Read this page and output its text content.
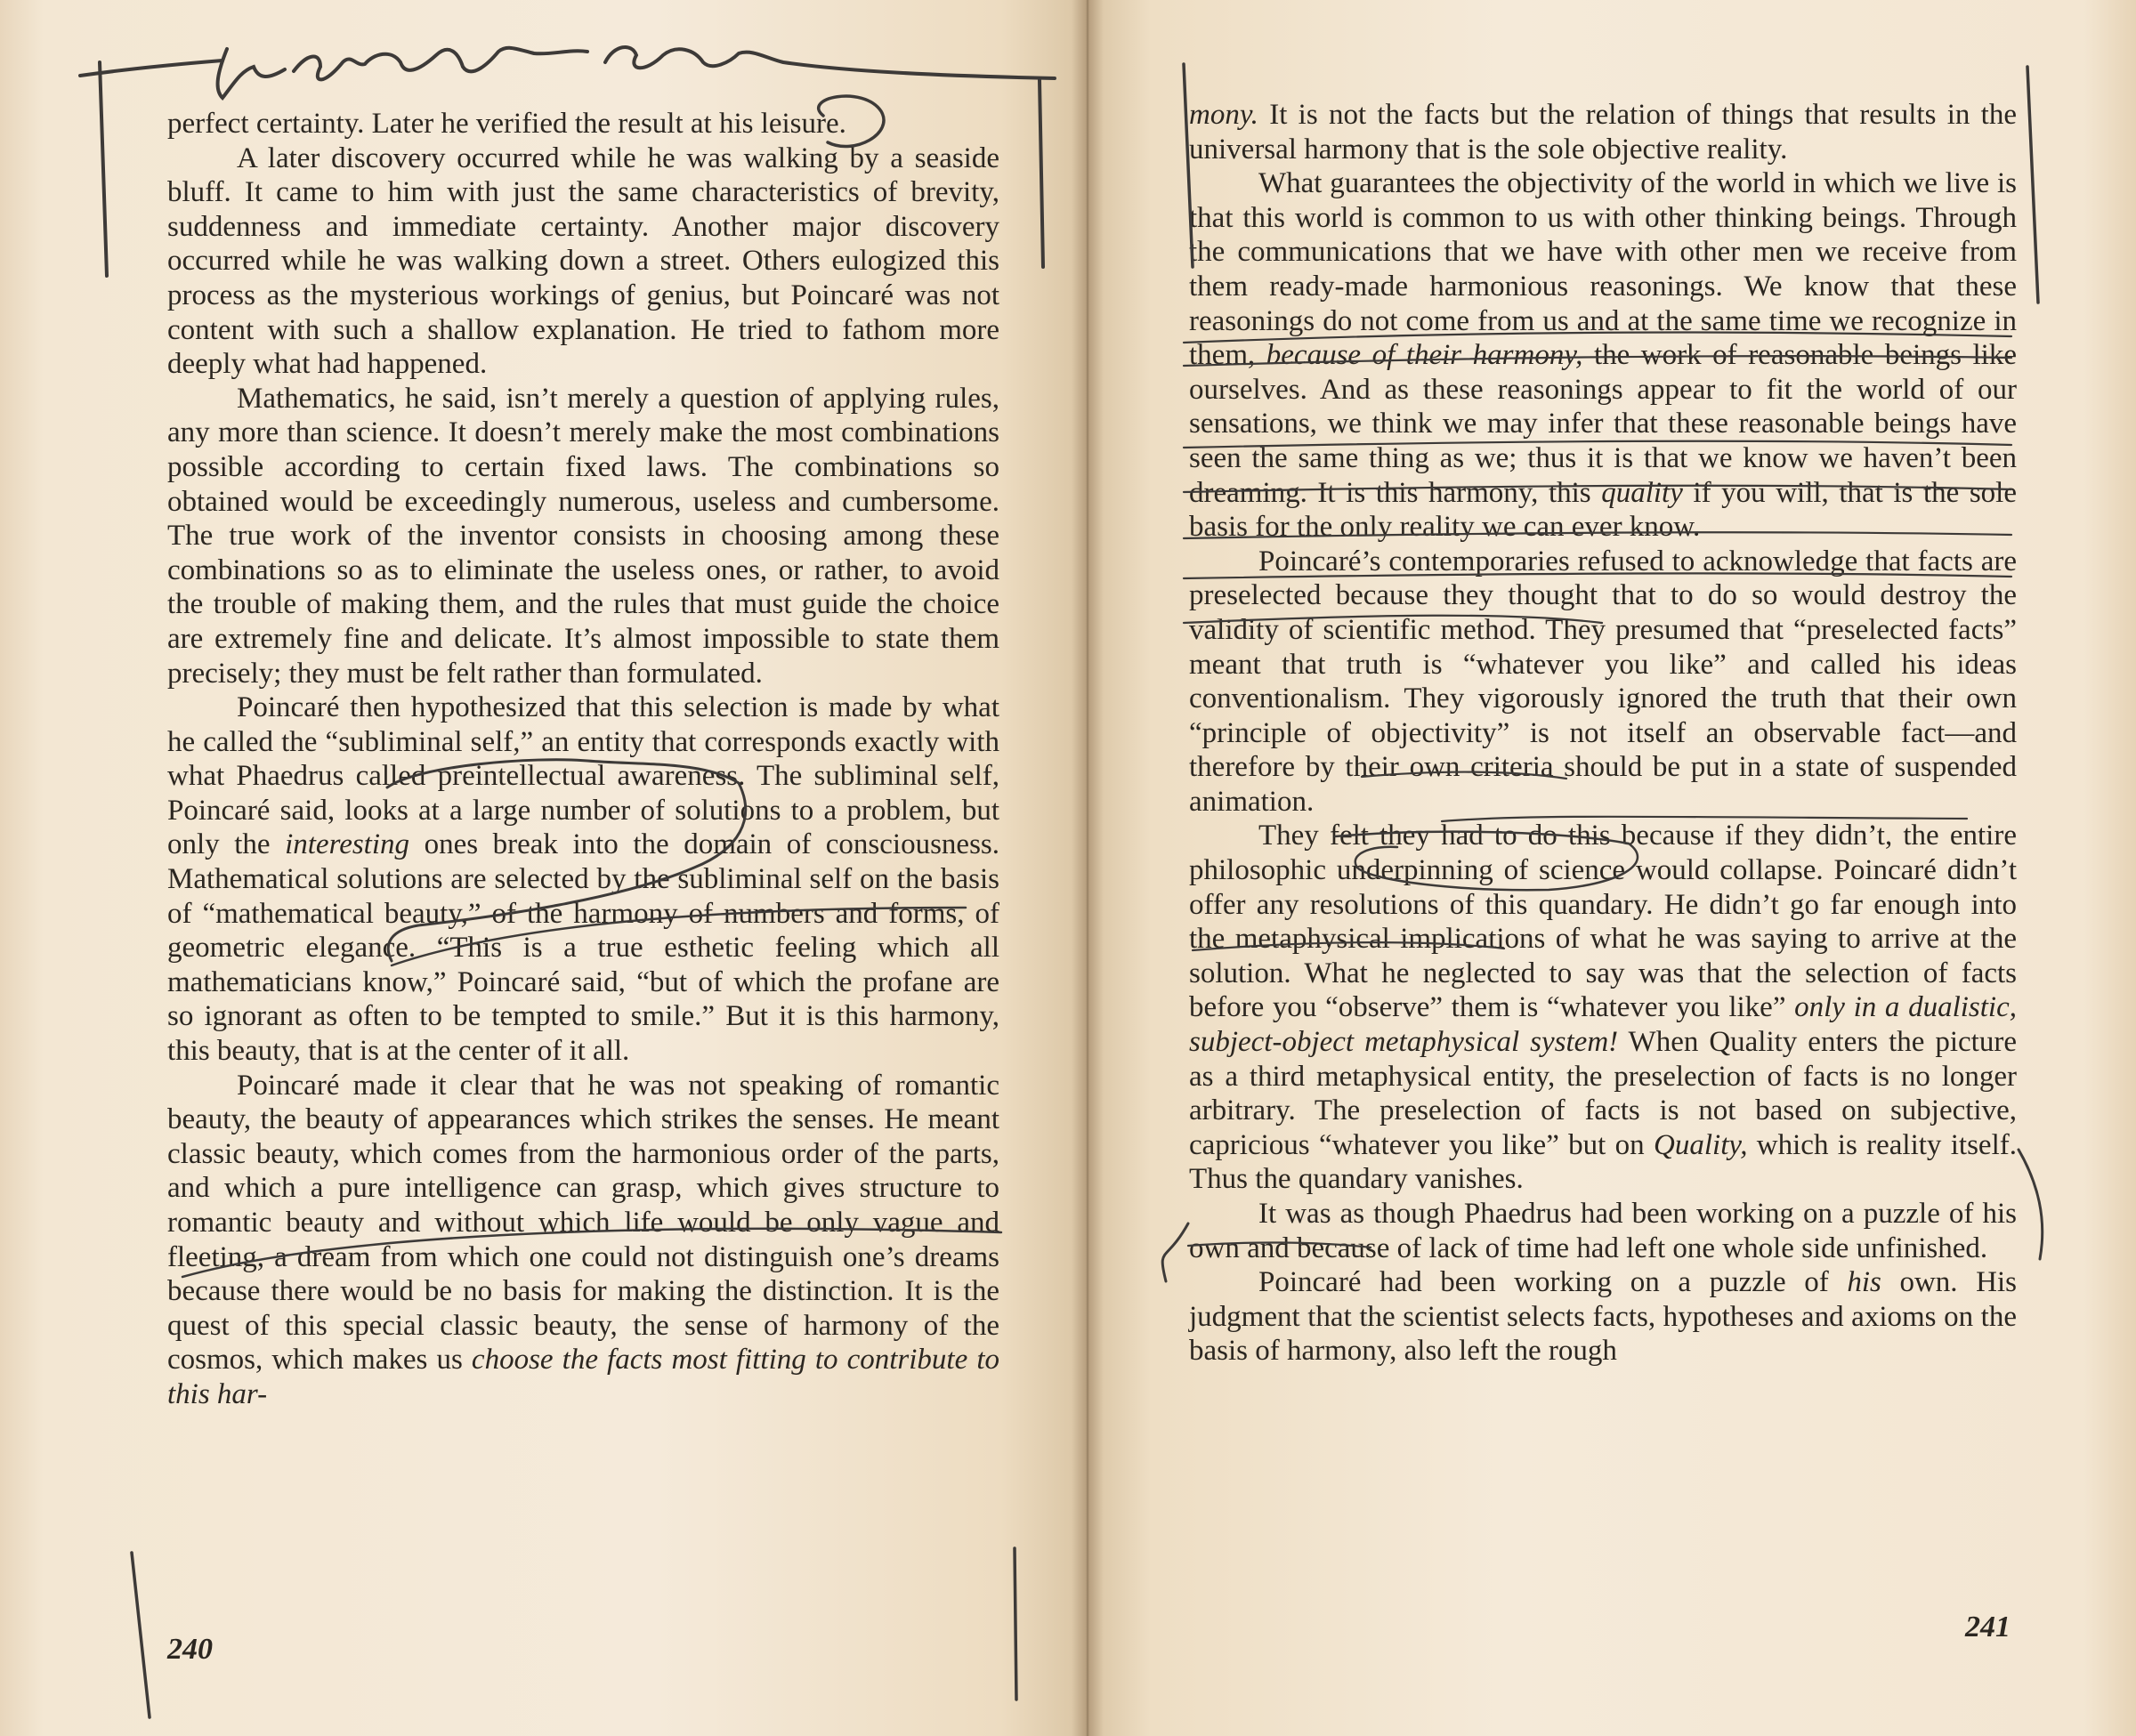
perfect certainty. Later he verified the result at his leisure.

A later discovery occurred while he was walking by a seaside bluff. It came to him with just the same characteristics of brevity, suddenness and immediate certainty. Another major discovery occurred while he was walking down a street. Others eulogized this process as the mysterious workings of genius, but Poincaré was not content with such a shallow explanation. He tried to fathom more deeply what had happened.

Mathematics, he said, isn’t merely a question of applying rules, any more than science. It doesn’t merely make the most combinations possible according to certain fixed laws. The combinations so obtained would be exceedingly numerous, useless and cumbersome. The true work of the inventor consists in choosing among these combinations so as to eliminate the useless ones, or rather, to avoid the trouble of making them, and the rules that must guide the choice are extremely fine and delicate. It’s almost impossible to state them precisely; they must be felt rather than formulated.

Poincaré then hypothesized that this selection is made by what he called the “subliminal self,” an entity that corresponds exactly with what Phaedrus called preintellectual awareness. The subliminal self, Poincaré said, looks at a large number of solutions to a problem, but only the interesting ones break into the domain of consciousness. Mathematical solutions are selected by the subliminal self on the basis of “mathematical beauty,” of the harmony of numbers and forms, of geometric elegance. “This is a true esthetic feeling which all mathematicians know,” Poincaré said, “but of which the profane are so ignorant as often to be tempted to smile.” But it is this harmony, this beauty, that is at the center of it all.

Poincaré made it clear that he was not speaking of romantic beauty, the beauty of appearances which strikes the senses. He meant classic beauty, which comes from the harmonious order of the parts, and which a pure intelligence can grasp, which gives structure to romantic beauty and without which life would be only vague and fleeting, a dream from which one could not distinguish one’s dreams because there would be no basis for making the distinction. It is the quest of this special classic beauty, the sense of harmony of the cosmos, which makes us choose the facts most fitting to contribute to this har-

240

mony. It is not the facts but the relation of things that results in the universal harmony that is the sole objective reality.

What guarantees the objectivity of the world in which we live is that this world is common to us with other thinking beings. Through the communications that we have with other men we receive from them ready-made harmonious reasonings. We know that these reasonings do not come from us and at the same time we recognize in them, because of their harmony, the work of reasonable beings like ourselves. And as these reasonings appear to fit the world of our sensations, we think we may infer that these reasonable beings have seen the same thing as we; thus it is that we know we haven’t been dreaming. It is this harmony, this quality if you will, that is the sole basis for the only reality we can ever know.

Poincaré’s contemporaries refused to acknowledge that facts are preselected because they thought that to do so would destroy the validity of scientific method. They presumed that “preselected facts” meant that truth is “whatever you like” and called his ideas conventionalism. They vigorously ignored the truth that their own “principle of objectivity” is not itself an observable fact—and therefore by their own criteria should be put in a state of suspended animation.

They felt they had to do this because if they didn’t, the entire philosophic underpinning of science would collapse. Poincaré didn’t offer any resolutions of this quandary. He didn’t go far enough into the metaphysical implications of what he was saying to arrive at the solution. What he neglected to say was that the selection of facts before you “observe” them is “whatever you like” only in a dualistic, subject-object metaphysical system! When Quality enters the picture as a third metaphysical entity, the preselection of facts is no longer arbitrary. The preselection of facts is not based on subjective, capricious “whatever you like” but on Quality, which is reality itself. Thus the quandary vanishes.

It was as though Phaedrus had been working on a puzzle of his own and because of lack of time had left one whole side unfinished.

Poincaré had been working on a puzzle of his own. His judgment that the scientist selects facts, hypotheses and axioms on the basis of harmony, also left the rough

241
